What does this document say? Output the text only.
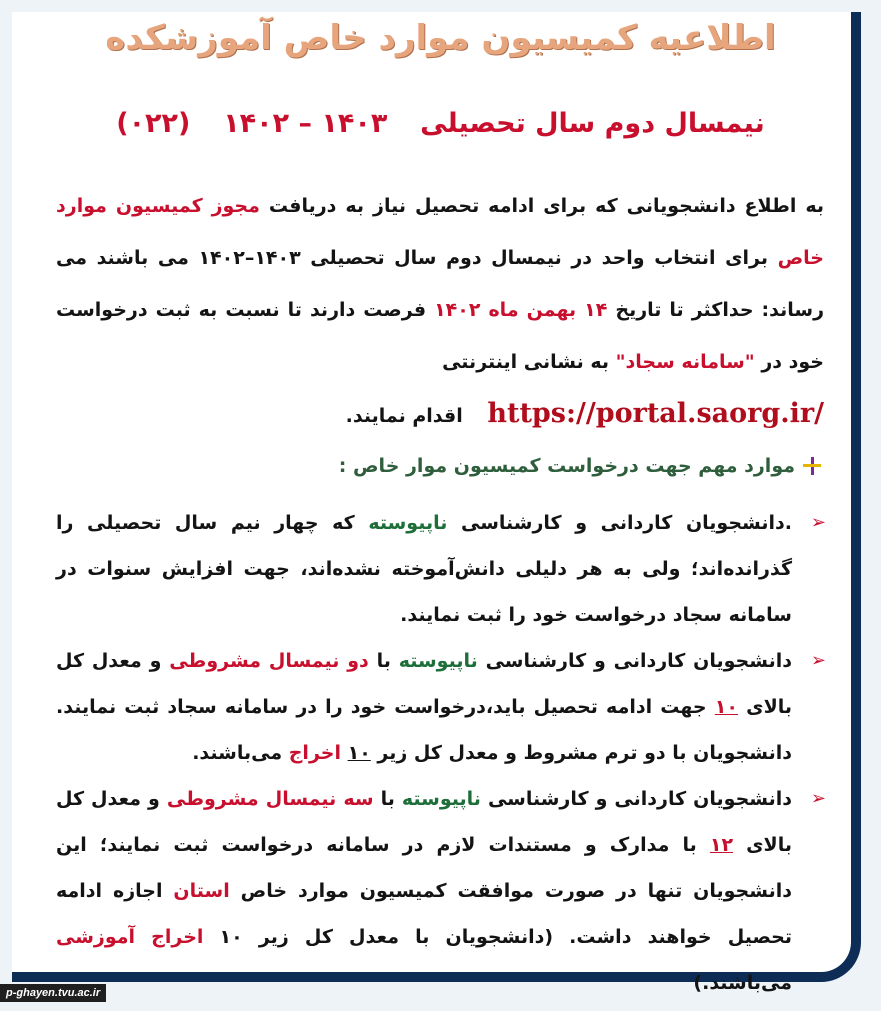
اطلاعیه کمیسیون موارد خاص آموزشکده
نیمسال دوم سال تحصیلی  ۱۴۰۳ – ۱۴۰۲  (۰۲۲)
به اطلاع دانشجویانی که برای ادامه تحصیل نیاز به دریافت مجوز کمیسیون موارد خاص برای انتخاب واحد در نیمسال دوم سال تحصیلی ۱۴۰۳–۱۴۰۲ می باشند می رساند: حداکثر تا تاریخ ۱۴ بهمن ماه ۱۴۰۲ فرصت دارند تا نسبت به ثبت درخواست خود در "سامانه سجاد" به نشانی اینترنتی
https://portal.saorg.ir/ اقدام نمایند.
موارد مهم جهت درخواست کمیسیون موار خاص :
➢
.دانشجویان کاردانی و کارشناسی ناپیوسته که چهار نیم سال تحصیلی را گذرانده‌اند؛ ولی به هر دلیلی دانش‌آموخته نشده‌اند، جهت افزایش سنوات در سامانه سجاد درخواست خود را ثبت نمایند.
➢
دانشجویان کاردانی و کارشناسی ناپیوسته با دو نیمسال مشروطی و معدل کل بالای ۱۰ جهت ادامه تحصیل باید،درخواست خود را در سامانه سجاد ثبت نمایند. دانشجویان با دو ترم مشروط و معدل کل زیر ۱۰ اخراج می‌باشند.
➢
دانشجویان کاردانی و کارشناسی ناپیوسته با سه نیمسال مشروطی و معدل کل بالای ۱۲ با مدارک و مستندات لازم در سامانه درخواست ثبت نمایند؛ این دانشجویان تنها در صورت موافقت کمیسیون موارد خاص استان اجازه ادامه تحصیل خواهند داشت. (دانشجویان با معدل کل زیر ۱۰ اخراج آموزشی می‌باشند.)
p-ghayen.tvu.ac.ir
